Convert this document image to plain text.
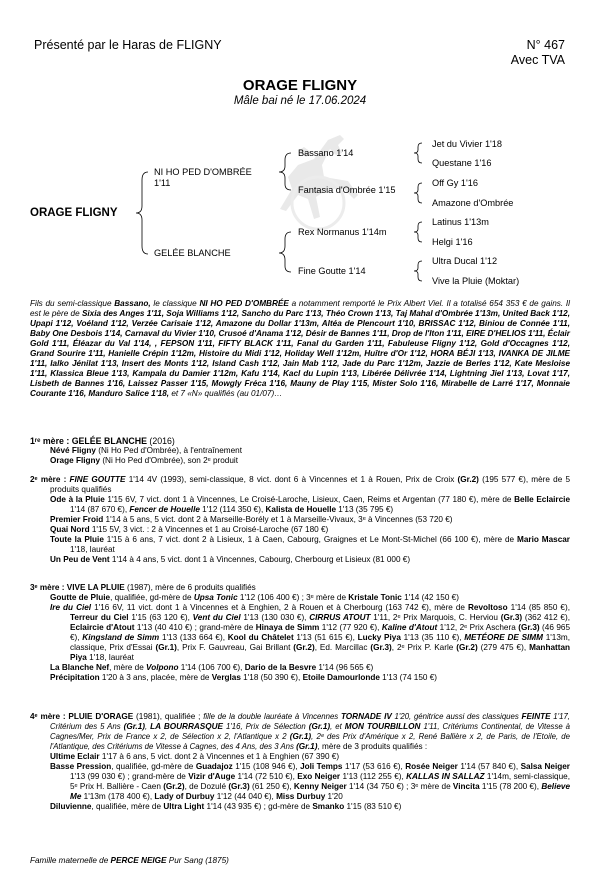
Présenté par le Haras de FLIGNY	N° 467
Avec TVA
ORAGE FLIGNY
Mâle bai né le 17.06.2024
ORAGE FLIGNY
NI HO PED D'OMBRÉE
1'11
GELÉE BLANCHE
Bassano 1'14
Fantasia d'Ombrée 1'15
Rex Normanus 1'14m
Fine Goutte 1'14
Jet du Vivier 1'18
Questane 1'16
Off Gy 1'16
Amazone d'Ombrée
Latinus 1'13m
Helgi 1'16
Ultra Ducal 1'12
Vive la Pluie (Moktar)
Fils du semi-classique Bassano, le classique NI HO PED D'OMBRÉE a notamment remporté le Prix Albert Viel. Il a totalisé 654 353 € de gains. Il est le père de Sixia des Anges 1'11, Soja Williams 1'12, Sancho du Parc 1'13, Théo Crown 1'13, Taj Mahal d'Ombrée 1'13m, United Back 1'12, Upapi 1'12, Voéland 1'12, Verzée Carisaie 1'12, Amazone du Dollar 1'13m, Altéa de Plencourt 1'10, BRISSAC 1'12, Biniou de Connée 1'11, Baby One Desbois 1'14, Carnaval du Vivier 1'10, Crusoé d'Anama 1'12, Désir de Bannes 1'11, Drop de l'Iton 1'11, EIRE D'HELIOS 1'11, Éclair Gold 1'11, Éléazar du Val 1'14, , FEPSON 1'11, FIFTY BLACK 1'11, Fanal du Garden 1'11, Fabuleuse Fligny 1'12, Gold d'Occagnes 1'12, Grand Sourire 1'11, Hanielle Crépin 1'12m, Histoire du Midi 1'12, Holiday Well 1'12m, Huître d'Or 1'12, HORA BÉJI 1'13, IVANKA DE JILME 1'11, Ialko Jénilat 1'13, Insert des Monts 1'12, Island Cash 1'12, Jain Mab 1'12, Jade du Parc 1'12m, Jazzie de Berles 1'12, Kate Mesloise 1'11, Klassica Bleue 1'13, Kampala du Damier 1'12m, Kafu 1'14, Kacl du Lupin 1'13, Libérée Délivrée 1'14, Lightning Jiel 1'13, Lovat 1'17, Lisbeth de Bannes 1'16, Laissez Passer 1'15, Mowgly Fréca 1'16, Mauny de Play 1'15, Mister Solo 1'16, Mirabelle de Larré 1'17, Monnaie Courante 1'16, Manduro Salice 1'18, et 7 «N» qualifiés (au 01/07)…
1ʳᵉ mère : GELÉE BLANCHE (2016)
Névé Fligny (Ni Ho Ped d'Ombrée), à l'entraînement
Orage Fligny (Ni Ho Ped d'Ombrée), son 2ᵉ produit
2ᵉ mère : FINE GOUTTE 1'14 4V (1993), semi-classique, 8 vict. dont 6 à Vincennes et 1 à Rouen, Prix de Croix (Gr.2) (195 577 €), mère de 5 produits qualifiés
Ode à la Pluie 1'15 6V, 7 vict. dont 1 à Vincennes, Le Croisé-Laroche, Lisieux, Caen, Reims et Argentan (77 180 €), mère de Belle Eclaircie 1'14 (87 670 €), Fencer de Houelle 1'12 (114 350 €), Kalista de Houelle 1'13 (35 795 €)
Premier Froid 1'14 à 5 ans, 5 vict. dont 2 à Marseille-Borély et 1 à Marseille-Vivaux, 3ᵉ à Vincennes (53 720 €)
Quai Nord 1'15 5V, 3 vict. : 2 à Vincennes et 1 au Croisé-Laroche (67 180 €)
Toute la Pluie 1'15 à 6 ans, 7 vict. dont 2 à Lisieux, 1 à Caen, Cabourg, Graignes et Le Mont-St-Michel (66 100 €), mère de Mario Mascar 1'18, lauréat
Un Peu de Vent 1'14 à 4 ans, 5 vict. dont 1 à Vincennes, Cabourg, Cherbourg et Lisieux (81 000 €)
3ᵉ mère : VIVE LA PLUIE (1987), mère de 6 produits qualifiés
Goutte de Pluie, qualifiée, gd-mère de Upsa Tonic 1'12 (106 400 €) ; 3ᵉ mère de Kristale Tonic 1'14 (42 150 €)
Ire du Ciel 1'16 6V, 11 vict. dont 1 à Vincennes et à Enghien, 2 à Rouen et à Cherbourg (163 742 €), mère de Revoltoso 1'14 (85 850 €), Terreur du Ciel 1'15 (63 120 €), Vent du Ciel 1'13 (130 030 €), CIRRUS ATOUT 1'11, 2ᵉ Prix Marquois, C. Herviou (Gr.3) (362 412 €), Eclaircie d'Atout 1'13 (40 410 €) ; grand-mère de Hinaya de Simm 1'12 (77 920 €), Kaline d'Atout 1'12, 2ᵉ Prix Aschera (Gr.3) (46 965 €), Kingsland de Simm 1'13 (133 664 €), Kool du Châtelet 1'13 (51 615 €), Lucky Piya 1'13 (35 110 €), METÉORE DE SIMM 1'13m, classique, Prix d'Essai (Gr.1), Prix F. Gauvreau, Gai Brillant (Gr.2), Ed. Marcillac (Gr.3), 2ᵉ Prix P. Karle (Gr.2) (279 475 €), Manhattan Piya 1'18, lauréat
La Blanche Nef, mère de Volpono 1'14 (106 700 €), Dario de la Besvre 1'14 (96 565 €)
Précipitation 1'20 à 3 ans, placée, mère de Verglas 1'18 (50 390 €), Etoile Damourlonde 1'13 (74 150 €)
4ᵉ mère : PLUIE D'ORAGE (1981), qualifiée ; fille de la double lauréate à Vincennes TORNADE IV 1'20, génitrice aussi des classiques FEINTE 1'17, Critérium des 5 Ans (Gr.1), LA BOURRASQUE 1'16, Prix de Sélection (Gr.1), et MON TOURBILLON 1'11, Critériums Continental, de Vitesse à Cagnes/Mer, Prix de France x 2, de Sélection x 2, l'Atlantique x 2 (Gr.1), 2ᵉ des Prix d'Amérique x 2, René Ballière x 2, de Paris, de l'Etoile, de l'Atlantique, des Critériums de Vitesse à Cagnes, des 4 Ans, des 3 Ans (Gr.1), mère de 3 produits qualifiés :
Ultime Eclair 1'17 à 6 ans, 5 vict. dont 2 à Vincennes et 1 à Enghien (67 390 €)
Basse Pression, qualifiée, gd-mère de Guadajoz 1'15 (108 946 €), Joli Temps 1'17 (53 616 €), Rosée Neiger 1'14 (57 840 €), Salsa Neiger 1'13 (99 030 €) ; grand-mère de Vizir d'Auge 1'14 (72 510 €), Exo Neiger 1'13 (112 255 €), KALLAS IN SALLAZ 1'14m, semi-classique, 5ᵉ Prix H. Ballière - Caen (Gr.2), de Dozulé (Gr.3) (61 250 €), Kenny Neiger 1'14 (34 750 €) ; 3ᵉ mère de Vincita 1'15 (78 200 €), Believe Me 1'13m (178 400 €), Lady of Durbuy 1'12 (44 040 €), Miss Durbuy 1'20
Diluvienne, qualifiée, mère de Ultra Light 1'14 (43 935 €) ; gd-mère de Smanko 1'15 (83 510 €)
Famille maternelle de PERCE NEIGE Pur Sang (1875)
